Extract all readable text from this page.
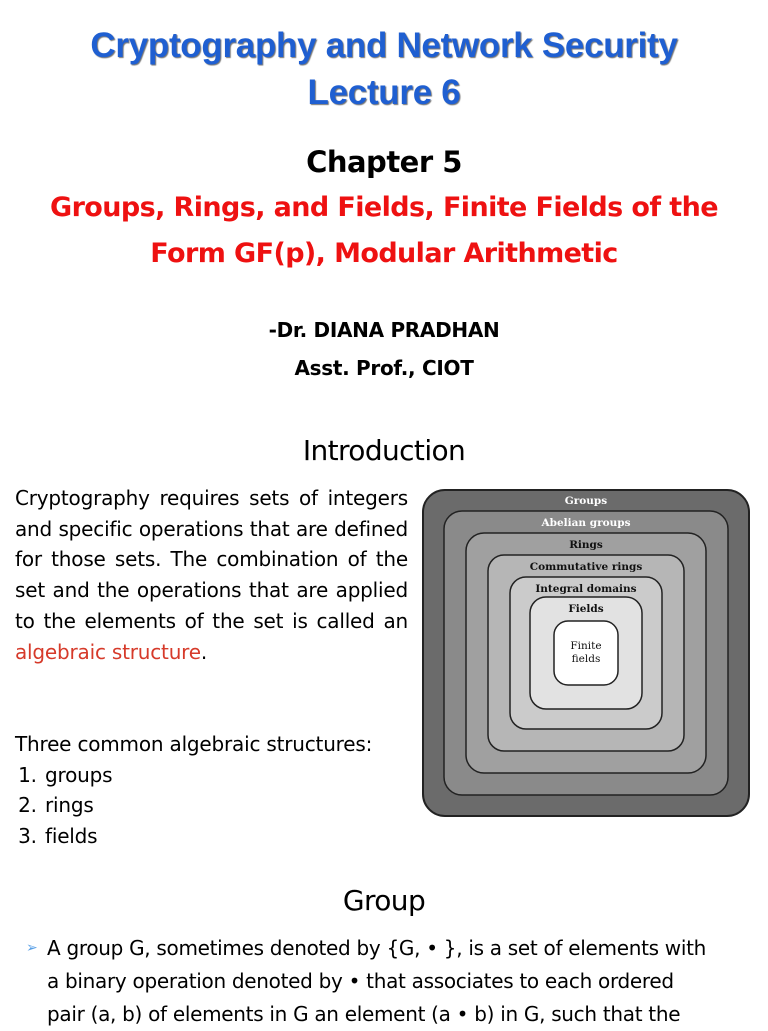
Cryptography and Network Security
Lecture 6
Chapter 5
Groups, Rings, and Fields, Finite Fields of the
Form GF(p), Modular Arithmetic
-Dr. DIANA PRADHAN
Asst. Prof., CIOT
Introduction
Cryptography requires sets of integers and specific operations that are defined for those sets. The combination of the set and the operations that are applied to the elements of the set is called an algebraic structure.
Three common algebraic structures:
1. groups
2. rings
3. fields
Groups
Abelian groups
Rings
Commutative rings
Integral domains
Fields
Finite
fields
Group
➢ A group G, sometimes denoted by {G, • }, is a set of elements with
a binary operation denoted by • that associates to each ordered
pair (a, b) of elements in G an element (a • b) in G, such that the
